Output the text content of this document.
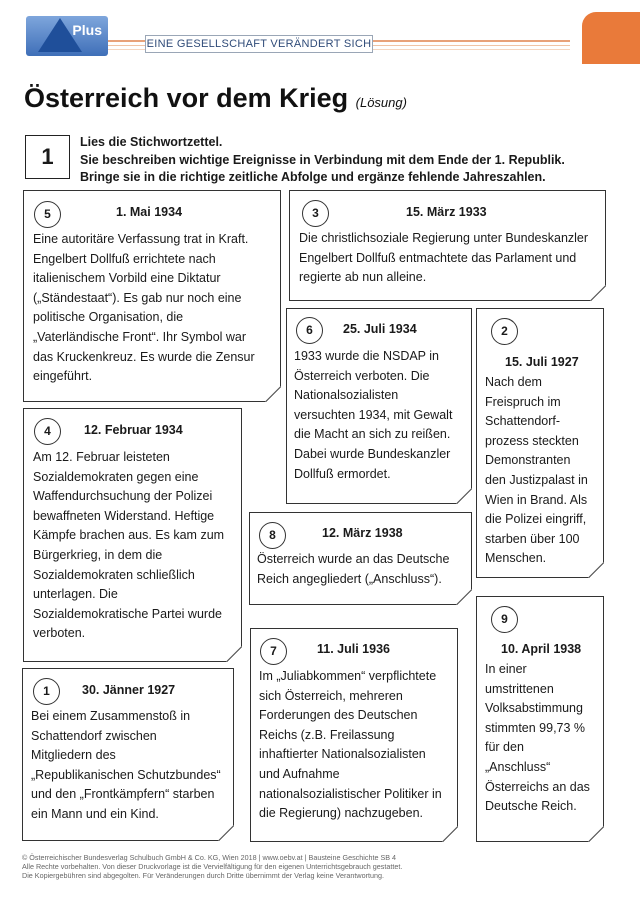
Plus
EINE GESELLSCHAFT VERÄNDERT SICH
Österreich vor dem Krieg (Lösung)
1
Lies die Stichwortzettel.
Sie beschreiben wichtige Ereignisse in Verbindung mit dem Ende der 1. Republik.
Bringe sie in die richtige zeitliche Abfolge und ergänze fehlende Jahreszahlen.
5	1. Mai 1934
Eine autoritäre Verfassung trat in Kraft.
Engelbert Dollfuß errichtete nach
italienischem Vorbild eine Diktatur
(„Ständestaat“). Es gab nur noch eine
politische Organisation, die
„Vaterländische Front“. Ihr Symbol war
das Kruckenkreuz. Es wurde die Zensur
eingeführt.
3	15. März 1933
Die christlichsoziale Regierung unter Bundeskanzler
Engelbert Dollfuß entmachtete das Parlament und
regierte ab nun alleine.
6	25. Juli 1934
1933 wurde die NSDAP in
Österreich verboten. Die
Nationalsozialisten
versuchten 1934, mit Gewalt
die Macht an sich zu reißen.
Dabei wurde Bundeskanzler
Dollfuß ermordet.
2
15. Juli 1927
Nach dem
Freispruch im
Schattendorf-
prozess steckten
Demonstranten
den Justizpalast in
Wien in Brand. Als
die Polizei eingriff,
starben über 100
Menschen.
4	12. Februar 1934
Am 12. Februar leisteten
Sozialdemokraten gegen eine
Waffendurchsuchung der Polizei
bewaffneten Widerstand. Heftige
Kämpfe brachen aus. Es kam zum
Bürgerkrieg, in dem die
Sozialdemokraten schließlich
unterlagen. Die
Sozialdemokratische Partei wurde
verboten.
8	12. März 1938
Österreich wurde an das Deutsche
Reich angegliedert („Anschluss“).
9
10. April 1938
In einer
umstrittenen
Volksabstimmung
stimmten 99,73 %
für den
„Anschluss“
Österreichs an das
Deutsche Reich.
7	11. Juli 1936
Im „Juliabkommen“ verpflichtete
sich Österreich, mehreren
Forderungen des Deutschen
Reichs (z.B. Freilassung
inhaftierter Nationalsozialisten
und Aufnahme
nationalsozialistischer Politiker in
die Regierung) nachzugeben.
1	30. Jänner 1927
Bei einem Zusammenstoß in
Schattendorf zwischen
Mitgliedern des
„Republikanischen Schutzbundes“
und den „Frontkämpfern“ starben
ein Mann und ein Kind.
© Österreichischer Bundesverlag Schulbuch GmbH & Co. KG, Wien 2018 | www.oebv.at | Bausteine Geschichte SB 4
Alle Rechte vorbehalten. Von dieser Druckvorlage ist die Vervielfältigung für den eigenen Unterrichtsgebrauch gestattet.
Die Kopiergebühren sind abgegolten. Für Veränderungen durch Dritte übernimmt der Verlag keine Verantwortung.
